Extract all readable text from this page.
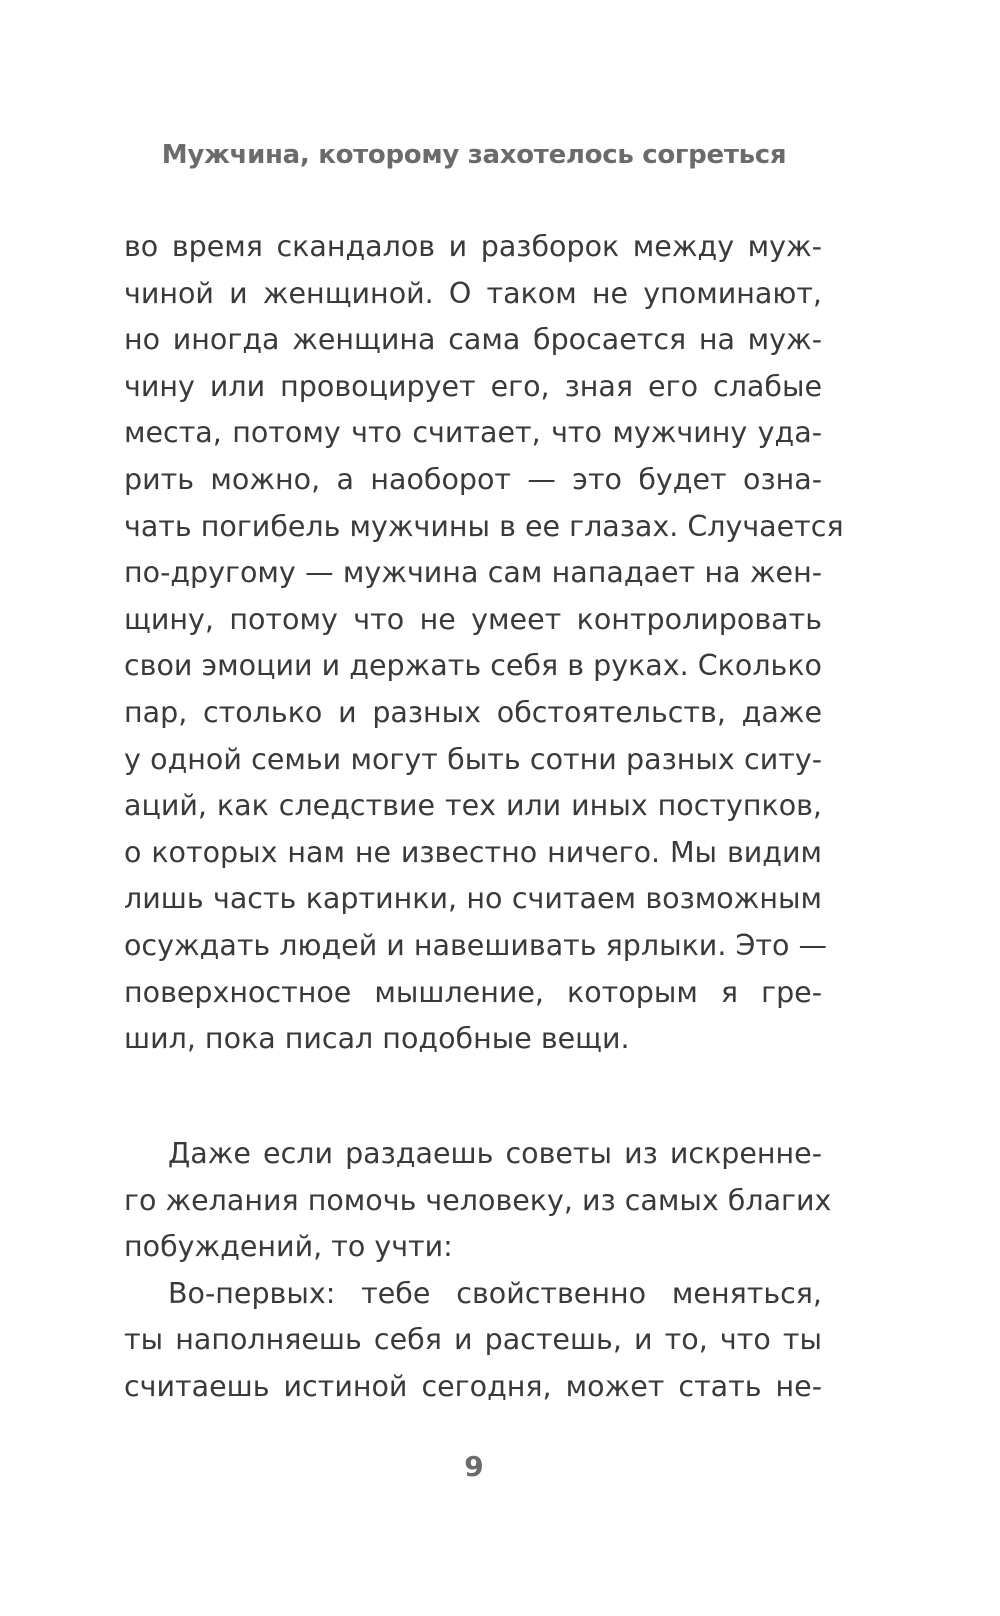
Мужчина, которому захотелось согреться
во время скандалов и разборок между муж-
чиной и женщиной. О таком не упоминают,
но иногда женщина сама бросается на муж-
чину или провоцирует его, зная его слабые
места, потому что считает, что мужчину уда-
рить можно, а наоборот — это будет озна-
чать погибель мужчины в ее глазах. Случается
по-другому — мужчина сам нападает на жен-
щину, потому что не умеет контролировать
свои эмоции и держать себя в руках. Сколько
пар, столько и разных обстоятельств, даже
у одной семьи могут быть сотни разных ситу-
аций, как следствие тех или иных поступков,
о которых нам не известно ничего. Мы видим
лишь часть картинки, но считаем возможным
осуждать людей и навешивать ярлыки. Это —
поверхностное мышление, которым я гре-
шил, пока писал подобные вещи.
Даже если раздаешь советы из искренне-
го желания помочь человеку, из самых благих
побуждений, то учти:
Во-первых: тебе свойственно меняться,
ты наполняешь себя и растешь, и то, что ты
считаешь истиной сегодня, может стать не-
9
